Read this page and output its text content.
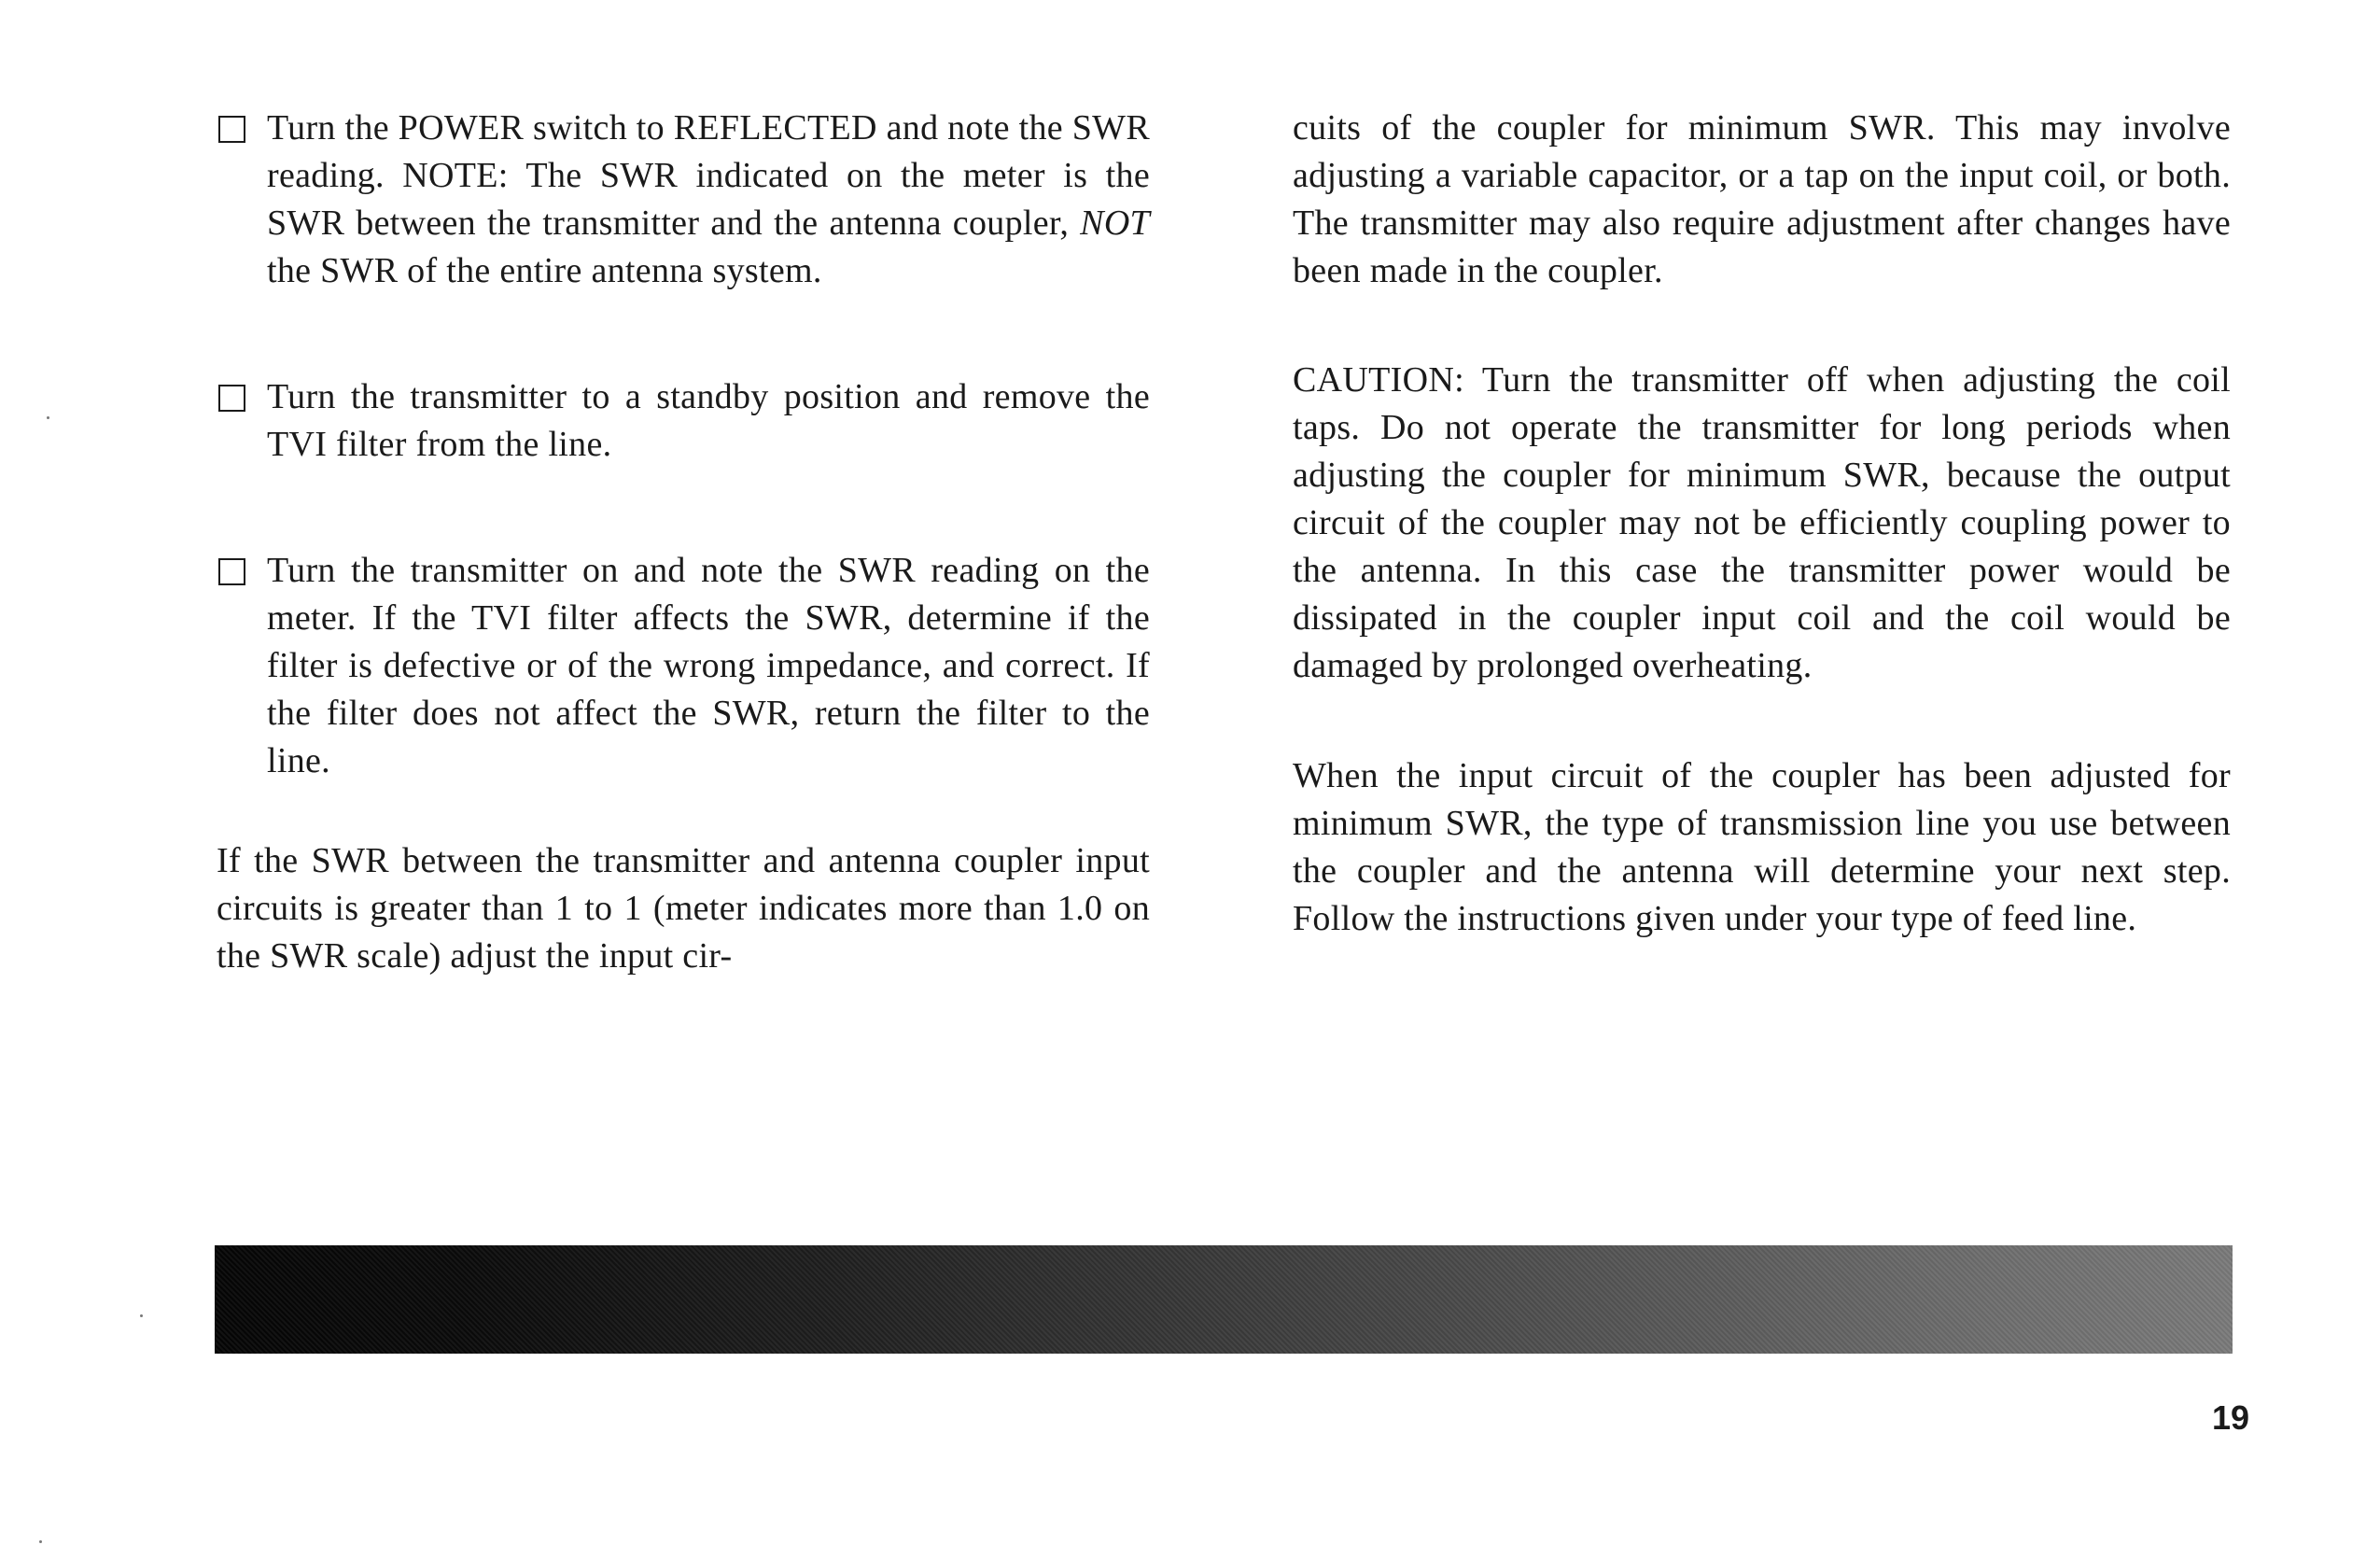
Turn the POWER switch to REFLECTED and note the SWR reading. NOTE: The SWR indicated on the meter is the SWR between the transmitter and the antenna coupler, NOT the SWR of the entire antenna system.
Turn the transmitter to a standby position and remove the TVI filter from the line.
Turn the transmitter on and note the SWR reading on the meter. If the TVI filter affects the SWR, determine if the filter is defective or of the wrong impedance, and correct. If the filter does not affect the SWR, return the filter to the line.

If the SWR between the transmitter and antenna coupler input circuits is greater than 1 to 1 (meter indicates more than 1.0 on the SWR scale) adjust the input cir-

cuits of the coupler for minimum SWR. This may involve adjusting a variable capacitor, or a tap on the input coil, or both. The transmitter may also require adjustment after changes have been made in the coupler.

CAUTION: Turn the transmitter off when adjusting the coil taps. Do not operate the transmitter for long periods when adjusting the coupler for minimum SWR, because the output circuit of the coupler may not be efficiently coupling power to the antenna. In this case the transmitter power would be dissipated in the coupler input coil and the coil would be damaged by prolonged overheating.

When the input circuit of the coupler has been adjusted for minimum SWR, the type of transmission line you use between the coupler and the antenna will determine your next step. Follow the instructions given under your type of feed line.

19
